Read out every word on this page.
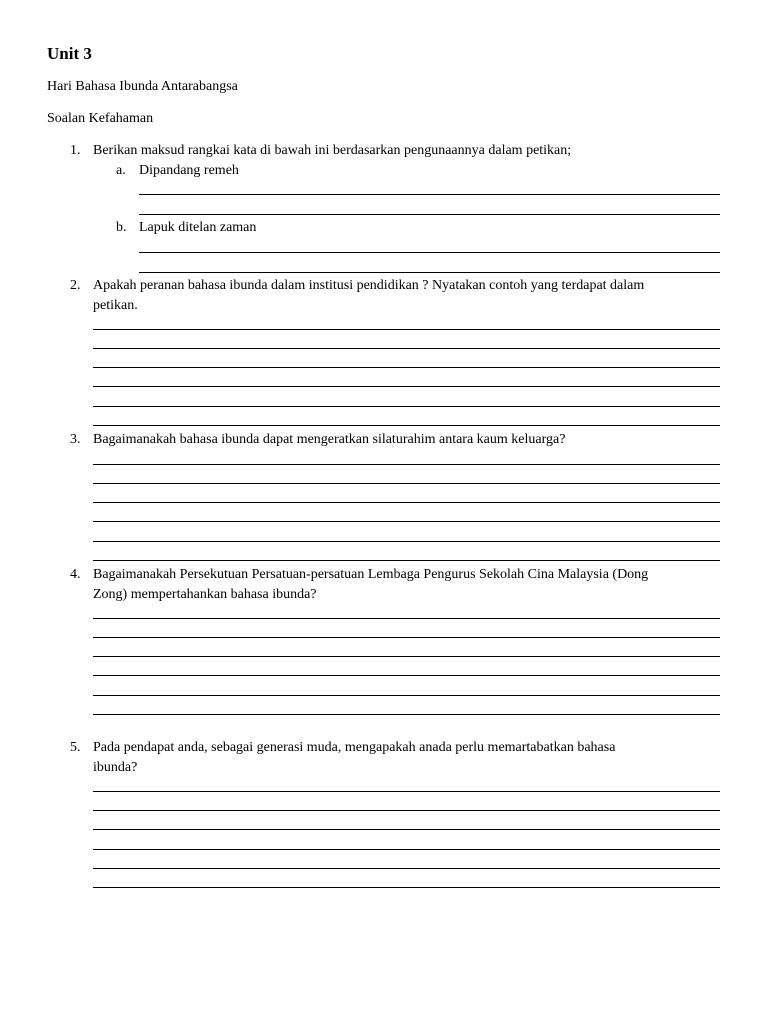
Unit 3
Hari Bahasa Ibunda Antarabangsa
Soalan Kefahaman
1. Berikan maksud rangkai kata di bawah ini berdasarkan pengunaannya dalam petikan;
a. Dipandang remeh
b. Lapuk ditelan zaman
2. Apakah peranan bahasa ibunda dalam institusi pendidikan ? Nyatakan contoh yang terdapat dalam
petikan.
3. Bagaimanakah bahasa ibunda dapat mengeratkan silaturahim antara kaum keluarga?
4. Bagaimanakah Persekutuan Persatuan-persatuan Lembaga Pengurus Sekolah Cina Malaysia (Dong
Zong) mempertahankan bahasa ibunda?
5. Pada pendapat anda, sebagai generasi muda, mengapakah anada perlu memartabatkan bahasa
ibunda?
